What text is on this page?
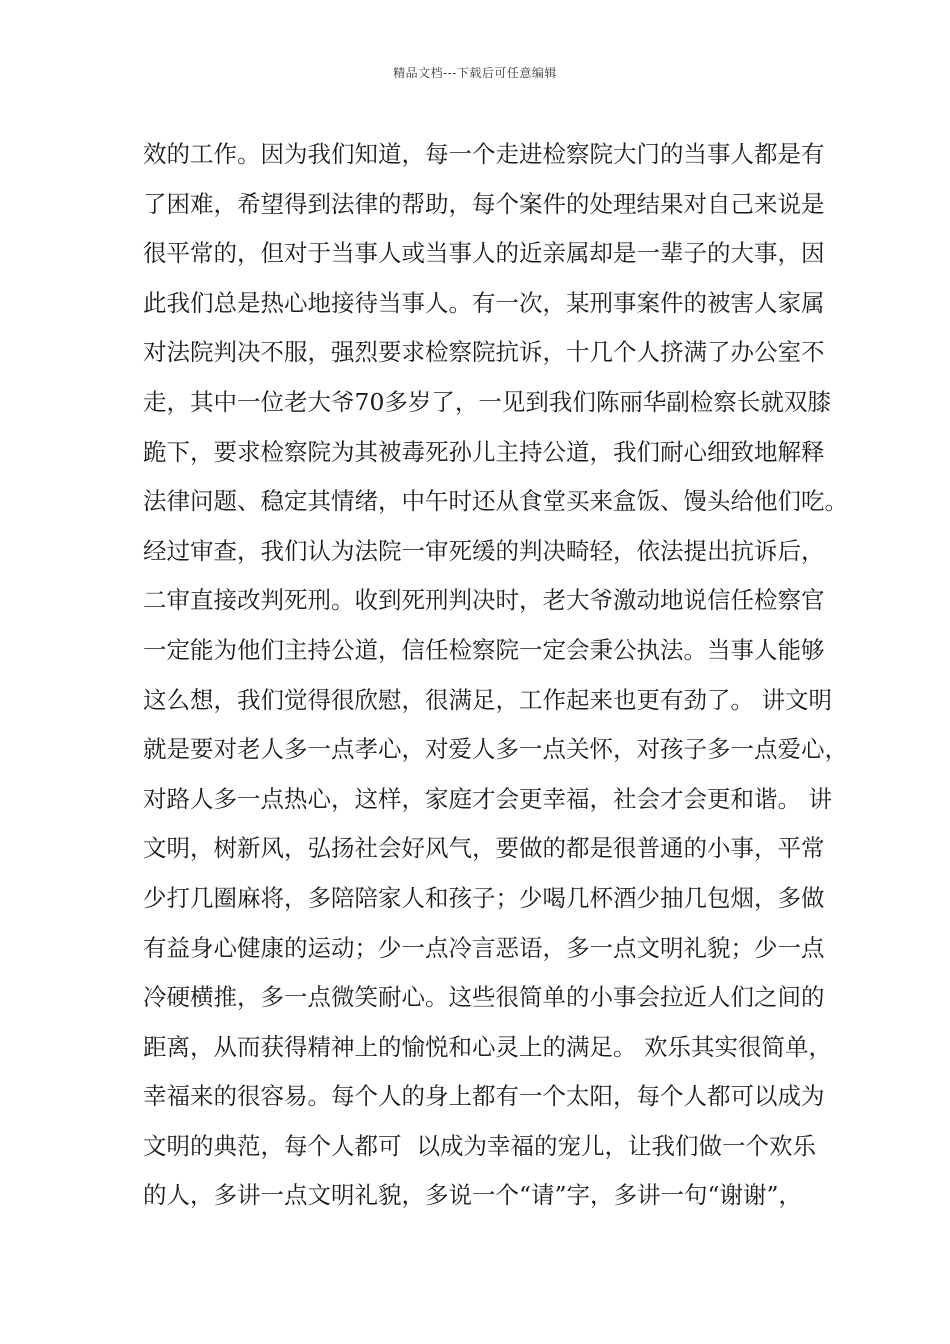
精品文档---下载后可任意编辑
效的工作。因为我们知道，每一个走进检察院大门的当事人都是有
了困难，希望得到法律的帮助，每个案件的处理结果对自己来说是
很平常的，但对于当事人或当事人的近亲属却是一辈子的大事，因
此我们总是热心地接待当事人。有一次，某刑事案件的被害人家属
对法院判决不服，强烈要求检察院抗诉，十几个人挤满了办公室不
走，其中一位老大爷70多岁了，一见到我们陈丽华副检察长就双膝
跪下，要求检察院为其被毒死孙儿主持公道，我们耐心细致地解释
法律问题、稳定其情绪，中午时还从食堂买来盒饭、馒头给他们吃。
经过审查，我们认为法院一审死缓的判决畸轻，依法提出抗诉后，
二审直接改判死刑。收到死刑判决时，老大爷激动地说信任检察官
一定能为他们主持公道，信任检察院一定会秉公执法。当事人能够
这么想，我们觉得很欣慰，很满足，工作起来也更有劲了。 讲文明
就是要对老人多一点孝心，对爱人多一点关怀，对孩子多一点爱心，
对路人多一点热心，这样，家庭才会更幸福，社会才会更和谐。 讲
文明，树新风，弘扬社会好风气，要做的都是很普通的小事，平常
少打几圈麻将，多陪陪家人和孩子；少喝几杯酒少抽几包烟，多做
有益身心健康的运动；少一点冷言恶语，多一点文明礼貌；少一点
冷硬横推，多一点微笑耐心。这些很简单的小事会拉近人们之间的
距离，从而获得精神上的愉悦和心灵上的满足。 欢乐其实很简单，
幸福来的很容易。每个人的身上都有一个太阳，每个人都可以成为
文明的典范，每个人都可  以成为幸福的宠儿，让我们做一个欢乐
的人，多讲一点文明礼貌，多说一个“请”字，多讲一句“谢谢”，
